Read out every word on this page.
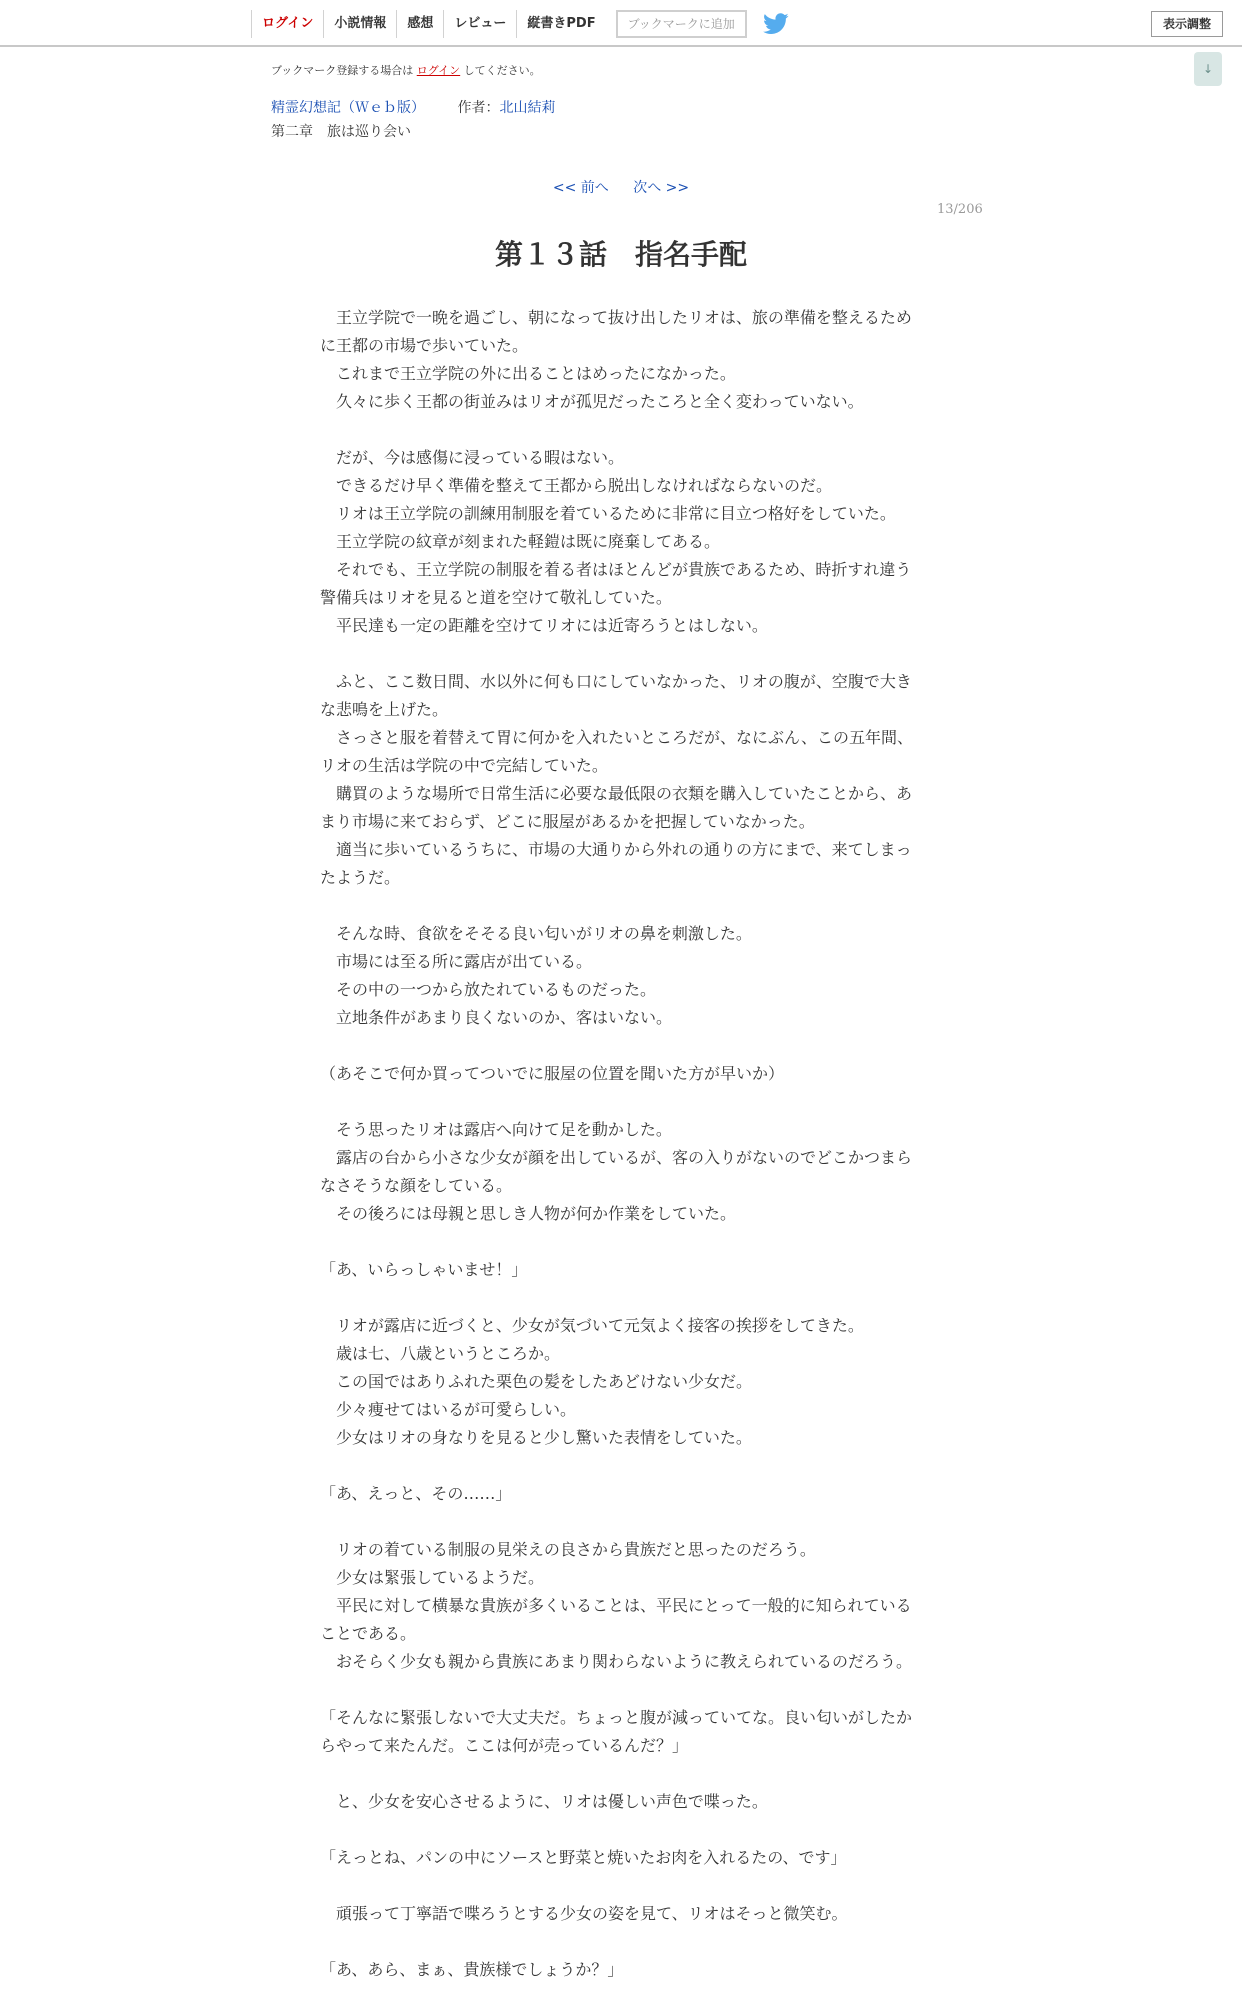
ログイン	小説情報	感想	レビュー	縦書きPDF	ブックマークに追加	表示調整
↓
ブックマーク登録する場合は ログイン してください。
精霊幻想記（Ｗｅｂ版） 作者：北山結莉
第二章　旅は巡り会い
<< 前へ 次へ >>
13/206
第１３話　指名手配

　王立学院で一晩を過ごし、朝になって抜け出したリオは、旅の準備を整えるために王都の市場で歩いていた。

　これまで王立学院の外に出ることはめったになかった。

　久々に歩く王都の街並みはリオが孤児だったころと全く変わっていない。

　だが、今は感傷に浸っている暇はない。

　できるだけ早く準備を整えて王都から脱出しなければならないのだ。

　リオは王立学院の訓練用制服を着ているために非常に目立つ格好をしていた。

　王立学院の紋章が刻まれた軽鎧は既に廃棄してある。

　それでも、王立学院の制服を着る者はほとんどが貴族であるため、時折すれ違う警備兵はリオを見ると道を空けて敬礼していた。

　平民達も一定の距離を空けてリオには近寄ろうとはしない。

　ふと、ここ数日間、水以外に何も口にしていなかった、リオの腹が、空腹で大きな悲鳴を上げた。

　さっさと服を着替えて胃に何かを入れたいところだが、なにぶん、この五年間、リオの生活は学院の中で完結していた。

　購買のような場所で日常生活に必要な最低限の衣類を購入していたことから、あまり市場に来ておらず、どこに服屋があるかを把握していなかった。

　適当に歩いているうちに、市場の大通りから外れの通りの方にまで、来てしまったようだ。

　そんな時、食欲をそそる良い匂いがリオの鼻を刺激した。

　市場には至る所に露店が出ている。

　その中の一つから放たれているものだった。

　立地条件があまり良くないのか、客はいない。

（あそこで何か買ってついでに服屋の位置を聞いた方が早いか）

　そう思ったリオは露店へ向けて足を動かした。

　露店の台から小さな少女が顔を出しているが、客の入りがないのでどこかつまらなさそうな顔をしている。

　その後ろには母親と思しき人物が何か作業をしていた。

「あ、いらっしゃいませ！」

　リオが露店に近づくと、少女が気づいて元気よく接客の挨拶をしてきた。

　歳は七、八歳というところか。

　この国ではありふれた栗色の髪をしたあどけない少女だ。

　少々痩せてはいるが可愛らしい。

　少女はリオの身なりを見ると少し驚いた表情をしていた。

「あ、えっと、その……」

　リオの着ている制服の見栄えの良さから貴族だと思ったのだろう。

　少女は緊張しているようだ。

　平民に対して横暴な貴族が多くいることは、平民にとって一般的に知られていることである。

　おそらく少女も親から貴族にあまり関わらないように教えられているのだろう。

「そんなに緊張しないで大丈夫だ。ちょっと腹が減っていてな。良い匂いがしたからやって来たんだ。ここは何が売っているんだ？」

　と、少女を安心させるように、リオは優しい声色で喋った。

「えっとね、パンの中にソースと野菜と焼いたお肉を入れるたの、です」

　頑張って丁寧語で喋ろうとする少女の姿を見て、リオはそっと微笑む。

「あ、あら、まぁ、貴族様でしょうか？」
